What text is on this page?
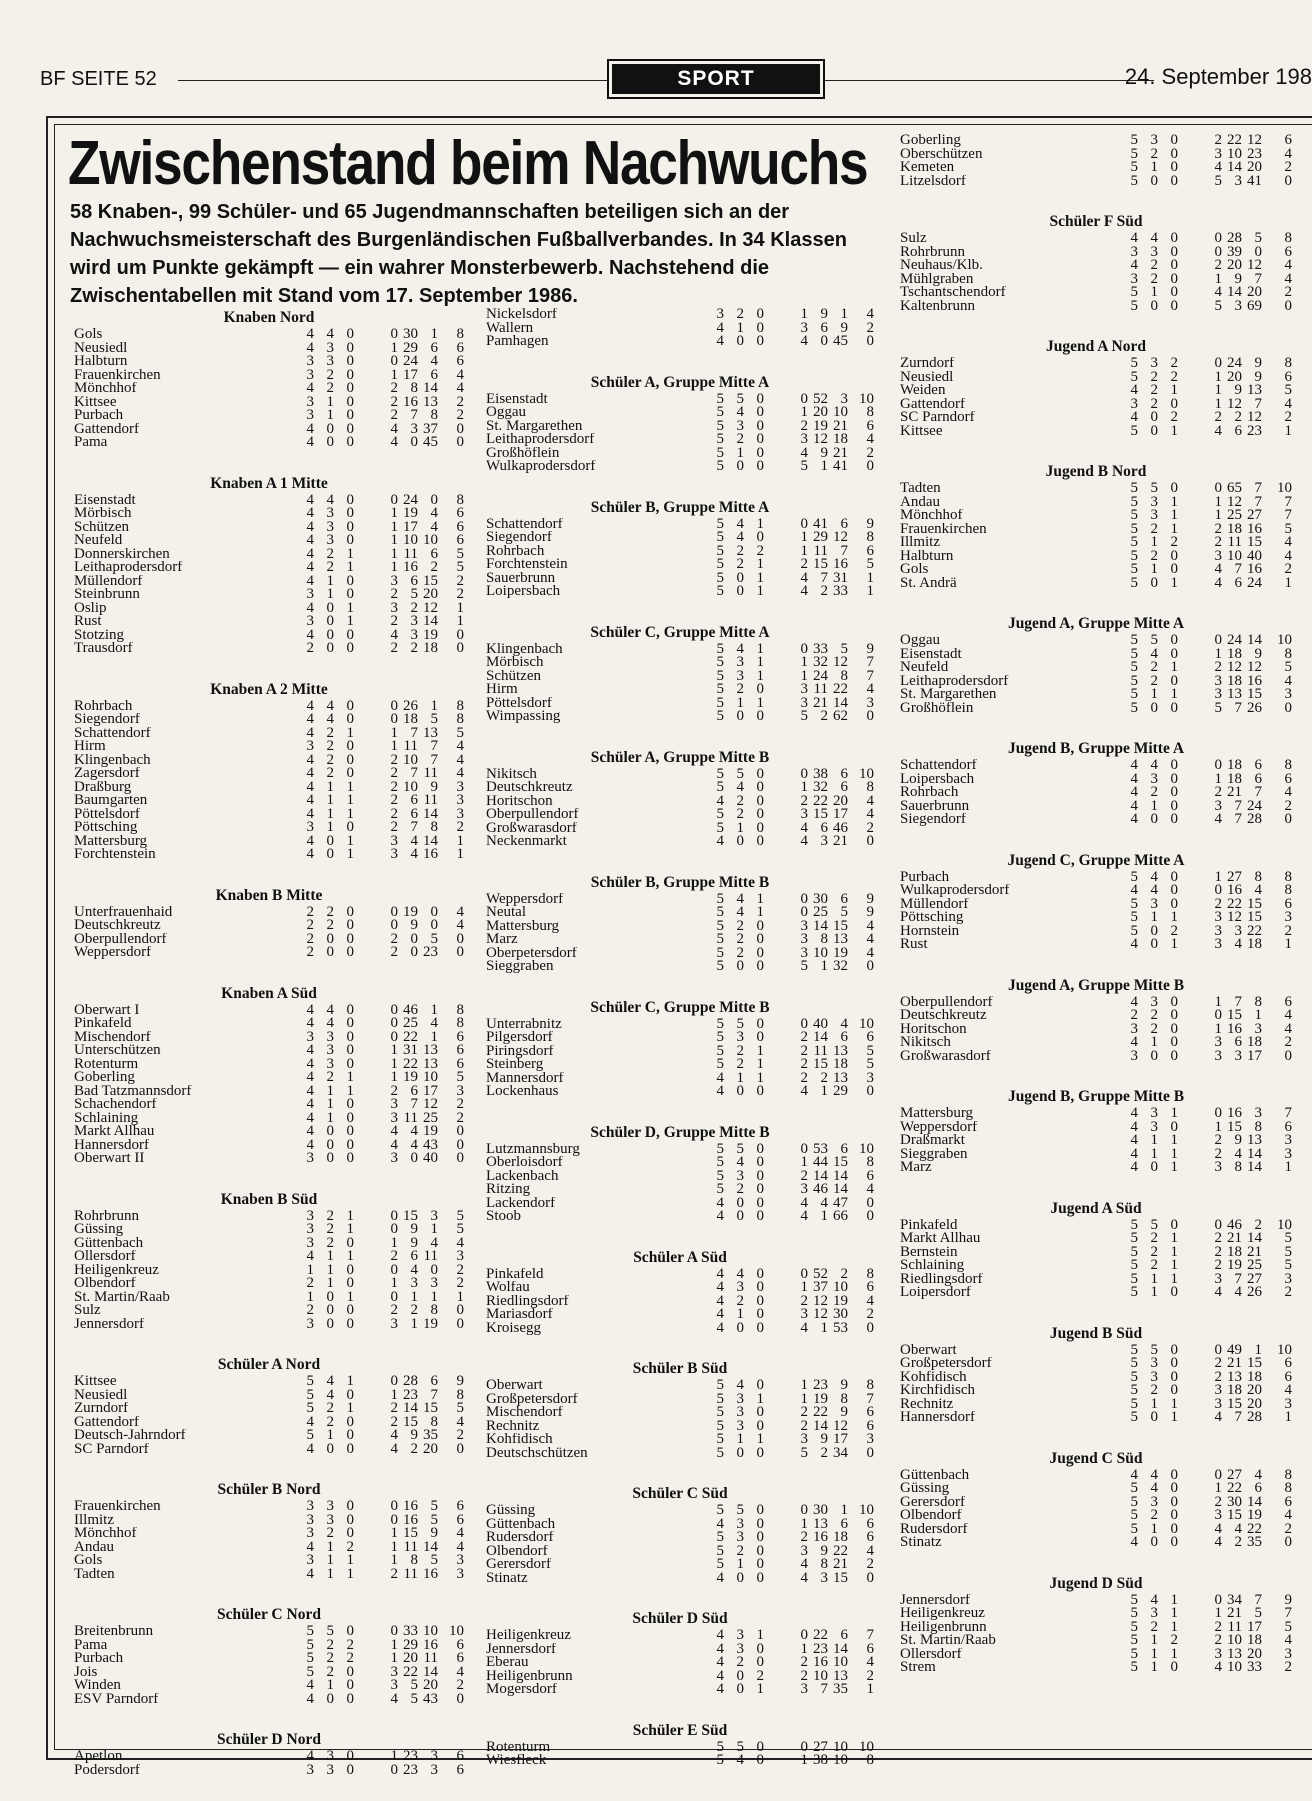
BF SEITE 52	SPORT	24. September 198
Zwischenstand beim Nachwuchs
58 Knaben-, 99 Schüler- und 65 Jugendmannschaften beteiligen sich an der Nachwuchsmeisterschaft des Burgenländischen Fußballverbandes. In 34 Klassen wird um Punkte gekämpft — ein wahrer Monsterbewerb. Nachstehend die Zwischentabellen mit Stand vom 17. September 1986.
Knaben Nord
Gols	4 4 0	0 30 1	8
Neusiedl	4 3 0	1 29 6	6
Halbturn	3 3 0	0 24 4	6
Frauenkirchen	3 2 0	1 17 6	4
Mönchhof	4 2 0	2 8 14	4
Kittsee	3 1 0	2 16 13	2
Purbach	3 1 0	2 7 8	2
Gattendorf	4 0 0	4 3 37	0
Pama	4 0 0	4 0 45	0
Knaben A 1 Mitte
Eisenstadt	4 4 0	0 24 0	8
Mörbisch	4 3 0	1 19 4	6
Schützen	4 3 0	1 17 4	6
Neufeld	4 3 0	1 10 10	6
Donnerskirchen	4 2 1	1 11 6	5
Leithaprodersdorf	4 2 1	1 16 2	5
Müllendorf	4 1 0	3 6 15	2
Steinbrunn	3 1 0	2 5 20	2
Oslip	4 0 1	3 2 12	1
Rust	3 0 1	2 3 14	1
Stotzing	4 0 0	4 3 19	0
Trausdorf	2 0 0	2 2 18	0
Knaben A 2 Mitte
Rohrbach	4 4 0	0 26 1	8
Siegendorf	4 4 0	0 18 5	8
Schattendorf	4 2 1	1 7 13	5
Hirm	3 2 0	1 11 7	4
Klingenbach	4 2 0	2 10 7	4
Zagersdorf	4 2 0	2 7 11	4
Draßburg	4 1 1	2 10 9	3
Baumgarten	4 1 1	2 6 11	3
Pöttelsdorf	4 1 1	2 6 14	3
Pöttsching	3 1 0	2 7 8	2
Mattersburg	4 0 1	3 4 14	1
Forchtenstein	4 0 1	3 4 16	1
Knaben B Mitte
Unterfrauenhaid	2 2 0	0 19 0	4
Deutschkreutz	2 2 0	0 9 0	4
Oberpullendorf	2 0 0	2 0 5	0
Weppersdorf	2 0 0	2 0 23	0
Knaben A Süd
Oberwart I	4 4 0	0 46 1	8
Pinkafeld	4 4 0	0 25 4	8
Mischendorf	3 3 0	0 22 1	6
Unterschützen	4 3 0	1 31 13	6
Rotenturm	4 3 0	1 22 13	6
Goberling	4 2 1	1 19 10	5
Bad Tatzmannsdorf	4 1 1	2 6 17	3
Schachendorf	4 1 0	3 7 12	2
Schlaining	4 1 0	3 11 25	2
Markt Allhau	4 0 0	4 4 19	0
Hannersdorf	4 0 0	4 4 43	0
Oberwart II	3 0 0	3 0 40	0
Knaben B Süd
Rohrbrunn	3 2 1	0 15 3	5
Güssing	3 2 1	0 9 1	5
Güttenbach	3 2 0	1 9 4	4
Ollersdorf	4 1 1	2 6 11	3
Heiligenkreuz	1 1 0	0 4 0	2
Olbendorf	2 1 0	1 3 3	2
St. Martin/Raab	1 0 1	0 1 1	1
Sulz	2 0 0	2 2 8	0
Jennersdorf	3 0 0	3 1 19	0
Schüler A Nord
Kittsee	5 4 1	0 28 6	9
Neusiedl	5 4 0	1 23 7	8
Zurndorf	5 2 1	2 14 15	5
Gattendorf	4 2 0	2 15 8	4
Deutsch-Jahrndorf	5 1 0	4 9 35	2
SC Parndorf	4 0 0	4 2 20	0
Schüler B Nord
Frauenkirchen	3 3 0	0 16 5	6
Illmitz	3 3 0	0 16 5	6
Mönchhof	3 2 0	1 15 9	4
Andau	4 1 2	1 11 14	4
Gols	3 1 1	1 8 5	3
Tadten	4 1 1	2 11 16	3
Schüler C Nord
Breitenbrunn	5 5 0	0 33 10 10
Pama	5 2 2	1 29 16	6
Purbach	5 2 2	1 20 11	6
Jois	5 2 0	3 22 14	4
Winden	4 1 0	3 5 20	2
ESV Parndorf	4 0 0	4 5 43	0
Schüler D Nord
Apetlon	4 3 0	1 23 3	6
Podersdorf	3 3 0	0 23 3	6
Nickelsdorf	3 2 0	1 9 1	4
Wallern	4 1 0	3 6 9	2
Pamhagen	4 0 0	4 0 45	0
Schüler A, Gruppe Mitte A
Eisenstadt	5 5 0	0 52 3 10
Oggau	5 4 0	1 20 10	8
St. Margarethen	5 3 0	2 19 21	6
Leithaprodersdorf	5 2 0	3 12 18	4
Großhöflein	5 1 0	4 9 21	2
Wulkaprodersdorf	5 0 0	5 1 41	0
Schüler B, Gruppe Mitte A
Schattendorf	5 4 1	0 41 6	9
Siegendorf	5 4 0	1 29 12	8
Rohrbach	5 2 2	1 11 7	6
Forchtenstein	5 2 1	2 15 16	5
Sauerbrunn	5 0 1	4 7 31	1
Loipersbach	5 0 1	4 2 33	1
Schüler C, Gruppe Mitte A
Klingenbach	5 4 1	0 33 5	9
Mörbisch	5 3 1	1 32 12	7
Schützen	5 3 1	1 24 8	7
Hirm	5 2 0	3 11 22	4
Pöttelsdorf	5 1 1	3 21 14	3
Wimpassing	5 0 0	5 2 62	0
Schüler A, Gruppe Mitte B
Nikitsch	5 5 0	0 38 6 10
Deutschkreutz	5 4 0	1 32 6	8
Horitschon	4 2 0	2 22 20	4
Oberpullendorf	5 2 0	3 15 17	4
Großwarasdorf	5 1 0	4 6 46	2
Neckenmarkt	4 0 0	4 3 21	0
Schüler B, Gruppe Mitte B
Weppersdorf	5 4 1	0 30 6	9
Neutal	5 4 1	0 25 5	9
Mattersburg	5 2 0	3 14 15	4
Marz	5 2 0	3 8 13	4
Oberpetersdorf	5 2 0	3 10 19	4
Sieggraben	5 0 0	5 1 32	0
Schüler C, Gruppe Mitte B
Unterrabnitz	5 5 0	0 40 4 10
Pilgersdorf	5 3 0	2 14 6	6
Piringsdorf	5 2 1	2 11 13	5
Steinberg	5 2 1	2 15 18	5
Mannersdorf	4 1 1	2 2 13	3
Lockenhaus	4 0 0	4 1 29	0
Schüler D, Gruppe Mitte B
Lutzmannsburg	5 5 0	0 53 6 10
Oberloisdorf	5 4 0	1 44 15	8
Lackenbach	5 3 0	2 14 14	6
Ritzing	5 2 0	3 46 14	4
Lackendorf	4 0 0	4 4 47	0
Stoob	4 0 0	4 1 66	0
Schüler A Süd
Pinkafeld	4 4 0	0 52 2	8
Wolfau	4 3 0	1 37 10	6
Riedlingsdorf	4 2 0	2 12 19	4
Mariasdorf	4 1 0	3 12 30	2
Kroisegg	4 0 0	4 1 53	0
Schüler B Süd
Oberwart	5 4 0	1 23 9	8
Großpetersdorf	5 3 1	1 19 8	7
Mischendorf	5 3 0	2 22 9	6
Rechnitz	5 3 0	2 14 12	6
Kohfidisch	5 1 1	3 9 17	3
Deutschschützen	5 0 0	5 2 34	0
Schüler C Süd
Güssing	5 5 0	0 30 1 10
Güttenbach	4 3 0	1 13 6	6
Rudersdorf	5 3 0	2 16 18	6
Olbendorf	5 2 0	3 9 22	4
Gerersdorf	5 1 0	4 8 21	2
Stinatz	4 0 0	4 3 15	0
Schüler D Süd
Heiligenkreuz	4 3 1	0 22 6	7
Jennersdorf	4 3 0	1 23 14	6
Eberau	4 2 0	2 16 10	4
Heiligenbrunn	4 0 2	2 10 13	2
Mogersdorf	4 0 1	3 7 35	1
Schüler E Süd
Rotenturm	5 5 0	0 27 10 10
Wiesfleck	5 4 0	1 38 10	8
Goberling	5 3 0	2 22 12	6
Oberschützen	5 2 0	3 10 23	4
Kemeten	5 1 0	4 14 20	2
Litzelsdorf	5 0 0	5 3 41	0
Schüler F Süd
Sulz	4 4 0	0 28 5	8
Rohrbrunn	3 3 0	0 39 0	6
Neuhaus/Klb.	4 2 0	2 20 12	4
Mühlgraben	3 2 0	1 9 7	4
Tschantschendorf	5 1 0	4 14 20	2
Kaltenbrunn	5 0 0	5 3 69	0
Jugend A Nord
Zurndorf	5 3 2	0 24 9	8
Neusiedl	5 2 2	1 20 9	6
Weiden	4 2 1	1 9 13	5
Gattendorf	3 2 0	1 12 7	4
SC Parndorf	4 0 2	2 2 12	2
Kittsee	5 0 1	4 6 23	1
Jugend B Nord
Tadten	5 5 0	0 65 7	10
Andau	5 3 1	1 12 7	7
Mönchhof	5 3 1	1 25 27	7
Frauenkirchen	5 2 1	2 18 16	5
Illmitz	5 1 2	2 11 15	4
Halbturn	5 2 0	3 10 40	4
Gols	5 1 0	4 7 16	2
St. Andrä	5 0 1	4 6 24	1
Jugend A, Gruppe Mitte A
Oggau	5 5 0	0 24 14	10
Eisenstadt	5 4 0	1 18 9	8
Neufeld	5 2 1	2 12 12	5
Leithaprodersdorf	5 2 0	3 18 16	4
St. Margarethen	5 1 1	3 13 15	3
Großhöflein	5 0 0	5 7 26	0
Jugend B, Gruppe Mitte A
Schattendorf	4 4 0	0 18 6	8
Loipersbach	4 3 0	1 18 6	6
Rohrbach	4 2 0	2 21 7	4
Sauerbrunn	4 1 0	3 7 24	2
Siegendorf	4 0 0	4 7 28	0
Jugend C, Gruppe Mitte A
Purbach	5 4 0	1 27 8	8
Wulkaprodersdorf	4 4 0	0 16 4	8
Müllendorf	5 3 0	2 22 15	6
Pöttsching	5 1 1	3 12 15	3
Hornstein	5 0 2	3 3 22	2
Rust	4 0 1	3 4 18	1
Jugend A, Gruppe Mitte B
Oberpullendorf	4 3 0	1 7 8	6
Deutschkreutz	2 2 0	0 15 1	4
Horitschon	3 2 0	1 16 3	4
Nikitsch	4 1 0	3 6 18	2
Großwarasdorf	3 0 0	3 3 17	0
Jugend B, Gruppe Mitte B
Mattersburg	4 3 1	0 16 3	7
Weppersdorf	4 3 0	1 15 8	6
Draßmarkt	4 1 1	2 9 13	3
Sieggraben	4 1 1	2 4 14	3
Marz	4 0 1	3 8 14	1
Jugend A Süd
Pinkafeld	5 5 0	0 46 2	10
Markt Allhau	5 2 1	2 21 14	5
Bernstein	5 2 1	2 18 21	5
Schlaining	5 2 1	2 19 25	5
Riedlingsdorf	5 1 1	3 7 27	3
Loipersdorf	5 1 0	4 4 26	2
Jugend B Süd
Oberwart	5 5 0	0 49 1	10
Großpetersdorf	5 3 0	2 21 15	6
Kohfidisch	5 3 0	2 13 18	6
Kirchfidisch	5 2 0	3 18 20	4
Rechnitz	5 1 1	3 15 20	3
Hannersdorf	5 0 1	4 7 28	1
Jugend C Süd
Güttenbach	4 4 0	0 27 4	8
Güssing	5 4 0	1 22 6	8
Gerersdorf	5 3 0	2 30 14	6
Olbendorf	5 2 0	3 15 19	4
Rudersdorf	5 1 0	4 4 22	2
Stinatz	4 0 0	4 2 35	0
Jugend D Süd
Jennersdorf	5 4 1	0 34 7	9
Heiligenkreuz	5 3 1	1 21 5	7
Heiligenbrunn	5 2 1	2 11 17	5
St. Martin/Raab	5 1 2	2 10 18	4
Ollersdorf	5 1 1	3 13 20	3
Strem	5 1 0	4 10 33	2
